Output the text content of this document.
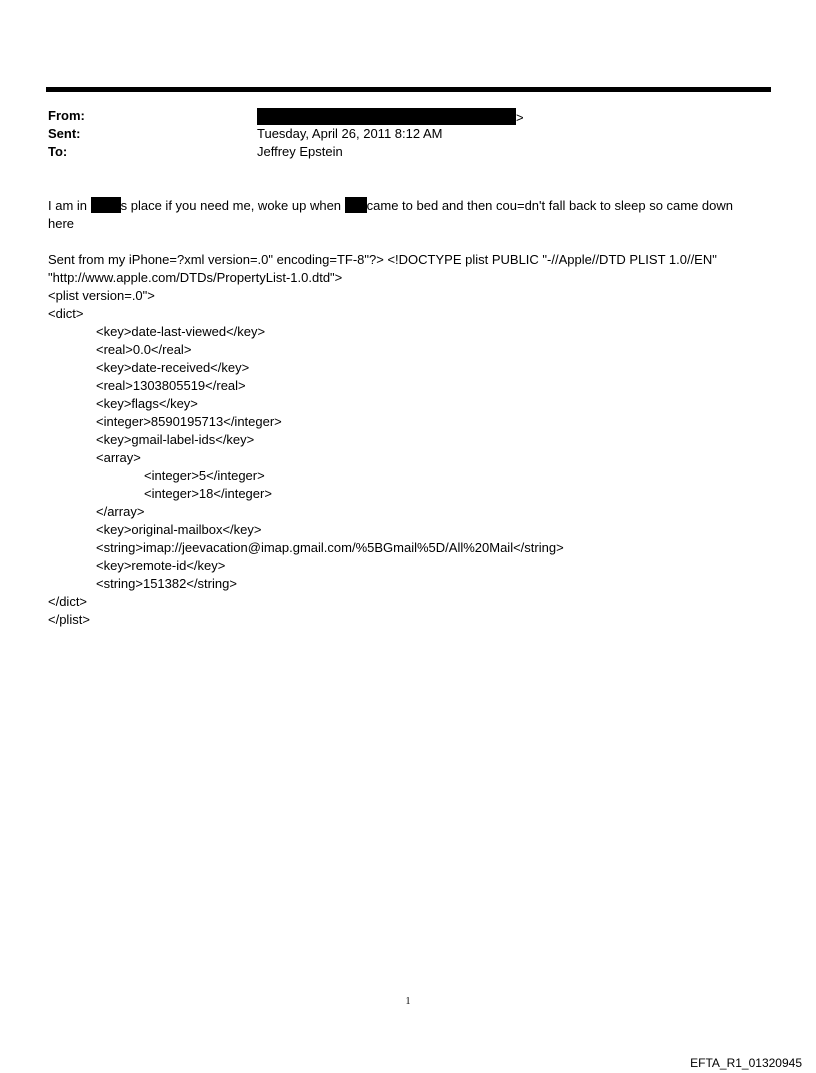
From:	>
Sent:	Tuesday, April 26, 2011 8:12 AM
To:	Jeffrey Epstein

I am in s place if you need me, woke up when came to bed and then cou=dn't fall back to sleep so came down

here

Sent from my iPhone=?xml version=.0" encoding=TF-8"?> <!DOCTYPE plist PUBLIC "-//Apple//DTD PLIST 1.0//EN"

"http://www.apple.com/DTDs/PropertyList-1.0.dtd">

<plist version=.0">

<dict>

<key>date-last-viewed</key>

<real>0.0</real>

<key>date-received</key>

<real>1303805519</real>

<key>flags</key>

<integer>8590195713</integer>

<key>gmail-label-ids</key>

<array>

<integer>5</integer>

<integer>18</integer>

</array>

<key>original-mailbox</key>

<string>imap://jeevacation@imap.gmail.com/%5BGmail%5D/All%20Mail</string>

<key>remote-id</key>

<string>151382</string>

</dict>

</plist>

1
EFTA_R1_01320945
